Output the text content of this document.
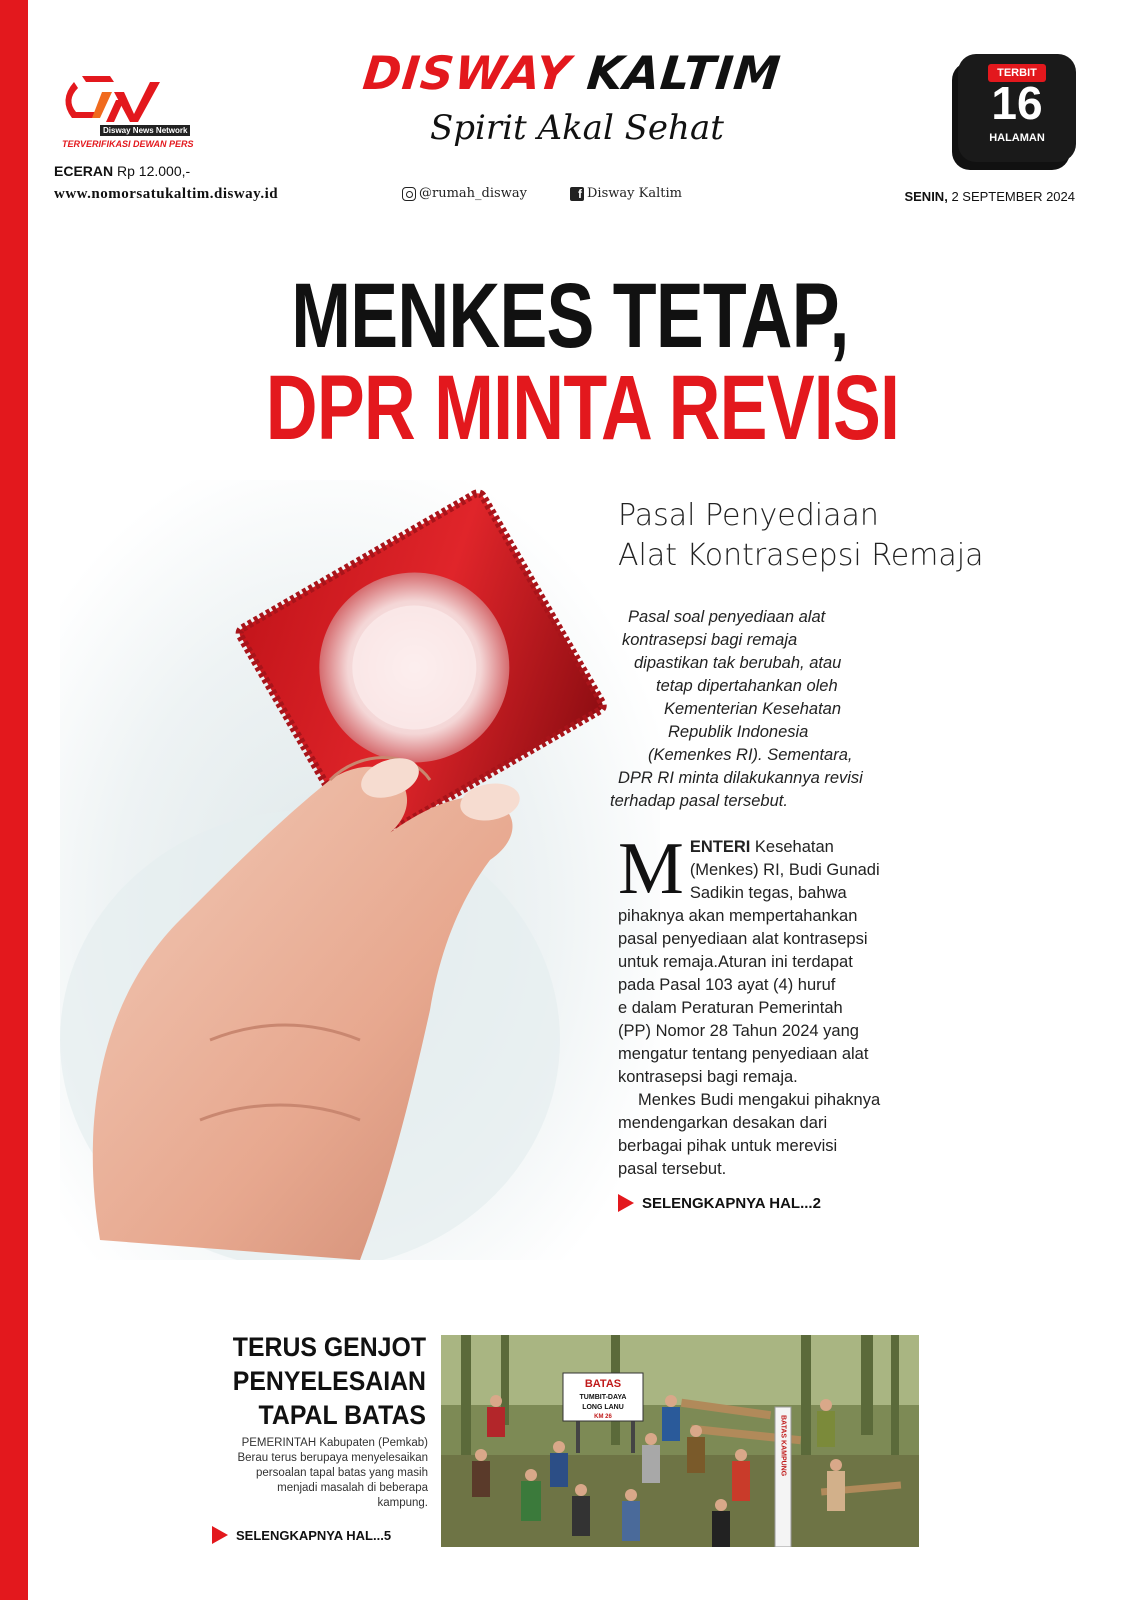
dav
Disway News Network
TERVERIFIKASI DEWAN PERS
ECERAN Rp 12.000,-
www.nomorsatukaltim.disway.id
DISWAY KALTIM
Spirit Akal Sehat
@rumah_disway	f Disway Kaltim
TERBIT
16
HALAMAN
SENIN, 2 SEPTEMBER 2024
MENKES TETAP,
DPR MINTA REVISI
Pasal Penyediaan
Alat Kontrasepsi Remaja
Pasal soal penyediaan alat
kontrasepsi bagi remaja
dipastikan tak berubah, atau
tetap dipertahankan oleh
Kementerian Kesehatan
Republik Indonesia
(Kemenkes RI). Sementara,
DPR RI minta dilakukannya revisi
terhadap pasal tersebut.
M ENTERI Kesehatan
(Menkes) RI, Budi Gunadi
Sadikin tegas, bahwa
pihaknya akan mempertahankan
pasal penyediaan alat kontrasepsi
untuk remaja.Aturan ini terdapat
pada Pasal 103 ayat (4) huruf
e dalam Peraturan Pemerintah
(PP) Nomor 28 Tahun 2024 yang
mengatur tentang penyediaan alat
kontrasepsi bagi remaja.
Menkes Budi mengakui pihaknya
mendengarkan desakan dari
berbagai pihak untuk merevisi
pasal tersebut.
SELENGKAPNYA HAL...2
TERUS GENJOT
PENYELESAIAN
TAPAL BATAS
PEMERINTAH Kabupaten (Pemkab)
Berau terus berupaya menyelesaikan
persoalan tapal batas yang masih
menjadi masalah di beberapa
kampung.
SELENGKAPNYA HAL...5
BATAS
TUMBIT-DAYA
LONG LANU
KM 26	BATAS KAMPUNG
